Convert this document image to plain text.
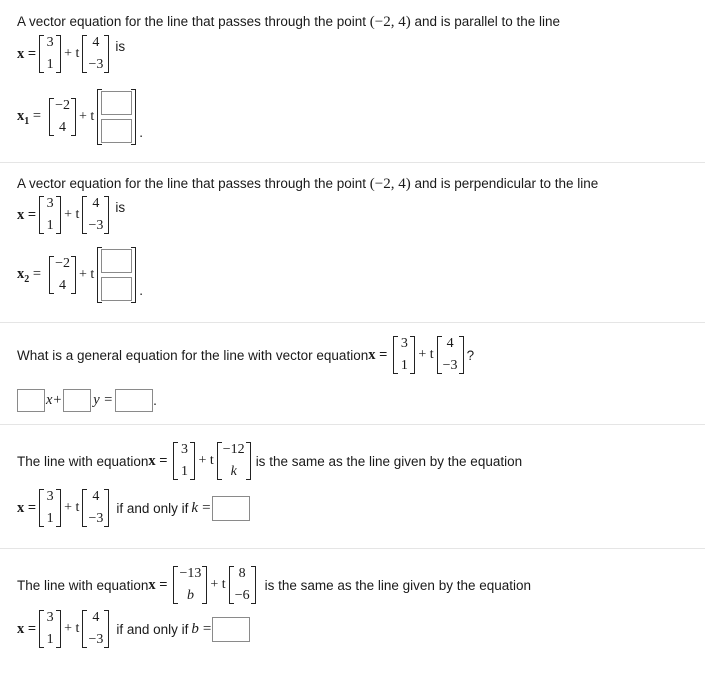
A vector equation for the line that passes through the point (−2, 4) and is parallel to the line
x =
3
1
+ t
4
−3
is
$x_1$ =
−2
4
+ t
.
A vector equation for the line that passes through the point (−2, 4) and is perpendicular to the line
x =
3
1
+ t
4
−3
is
$x_2$ =
−2
4
+ t
.
What is a general equation for the line with vector equation x =
3
1
+ t
4
−3
?
x+ y =	.
The line with equation x =
3
1
+ t
−12
k
is the same as the line given by the equation
x =
3
1
+ t
4
−3
if and only if k =
The line with equation x =
−13
b
+ t
8
−6
is the same as the line given by the equation
x =
3
1
+ t
4
−3
if and only if b =
